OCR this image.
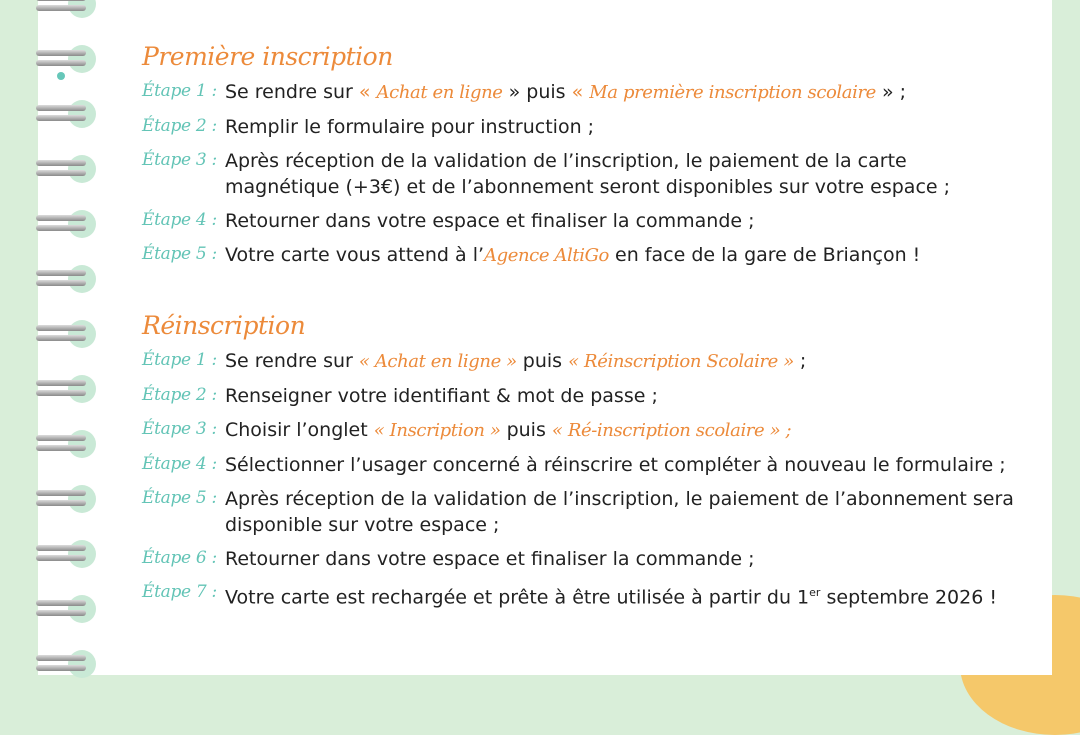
Première inscription
Étape 1 : Se rendre sur « Achat en ligne » puis « Ma première inscription scolaire » ;
Étape 2 : Remplir le formulaire pour instruction ;
Étape 3 : Après réception de la validation de l’inscription, le paiement de la carte magnétique (+3€) et de l’abonnement seront disponibles sur votre espace ;
Étape 4 : Retourner dans votre espace et finaliser la commande ;
Étape 5 : Votre carte vous attend à l’Agence AltiGo en face de la gare de Briançon !
Réinscription
Étape 1 : Se rendre sur « Achat en ligne » puis « Réinscription Scolaire » ;
Étape 2 : Renseigner votre identifiant & mot de passe ;
Étape 3 : Choisir l’onglet « Inscription » puis « Ré-inscription scolaire » ;
Étape 4 : Sélectionner l’usager concerné à réinscrire et compléter à nouveau le formulaire ;
Étape 5 : Après réception de la validation de l’inscription, le paiement de l’abonnement sera disponible sur votre espace ;
Étape 6 : Retourner dans votre espace et finaliser la commande ;
Étape 7 : Votre carte est rechargée et prête à être utilisée à partir du 1er septembre 2026 !
